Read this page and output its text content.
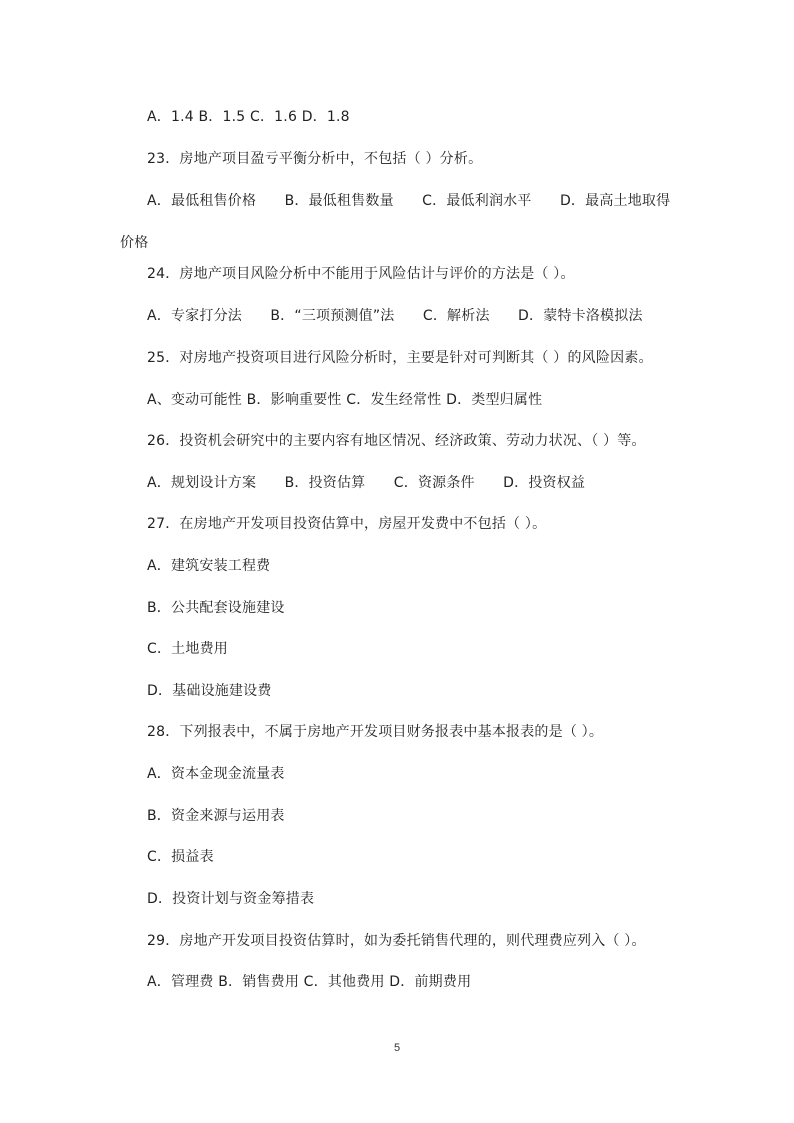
A．1.4 B．1.5 C．1.6 D．1.8
23．房地产项目盈亏平衡分析中，不包括（ ）分析。
A．最低租售价格　　B．最低租售数量　　C．最低利润水平　　D．最高土地取得
价格
24．房地产项目风险分析中不能用于风险估计与评价的方法是（ ）。
A．专家打分法　　B．“三项预测值”法　　C．解析法　　D．蒙特卡洛模拟法
25．对房地产投资项目进行风险分析时，主要是针对可判断其（ ）的风险因素。
A、变动可能性 B．影响重要性 C．发生经常性 D．类型归属性
26．投资机会研究中的主要内容有地区情况、经济政策、劳动力状况、（ ）等。
A．规划设计方案　　B．投资估算　　C．资源条件　　D．投资权益
27．在房地产开发项目投资估算中，房屋开发费中不包括（ ）。
A．建筑安装工程费
B．公共配套设施建设
C．土地费用
D．基础设施建设费
28．下列报表中，不属于房地产开发项目财务报表中基本报表的是（ ）。
A．资本金现金流量表
B．资金来源与运用表
C．损益表
D．投资计划与资金筹措表
29．房地产开发项目投资估算时，如为委托销售代理的，则代理费应列入（ ）。
A．管理费 B．销售费用 C．其他费用 D．前期费用
5
